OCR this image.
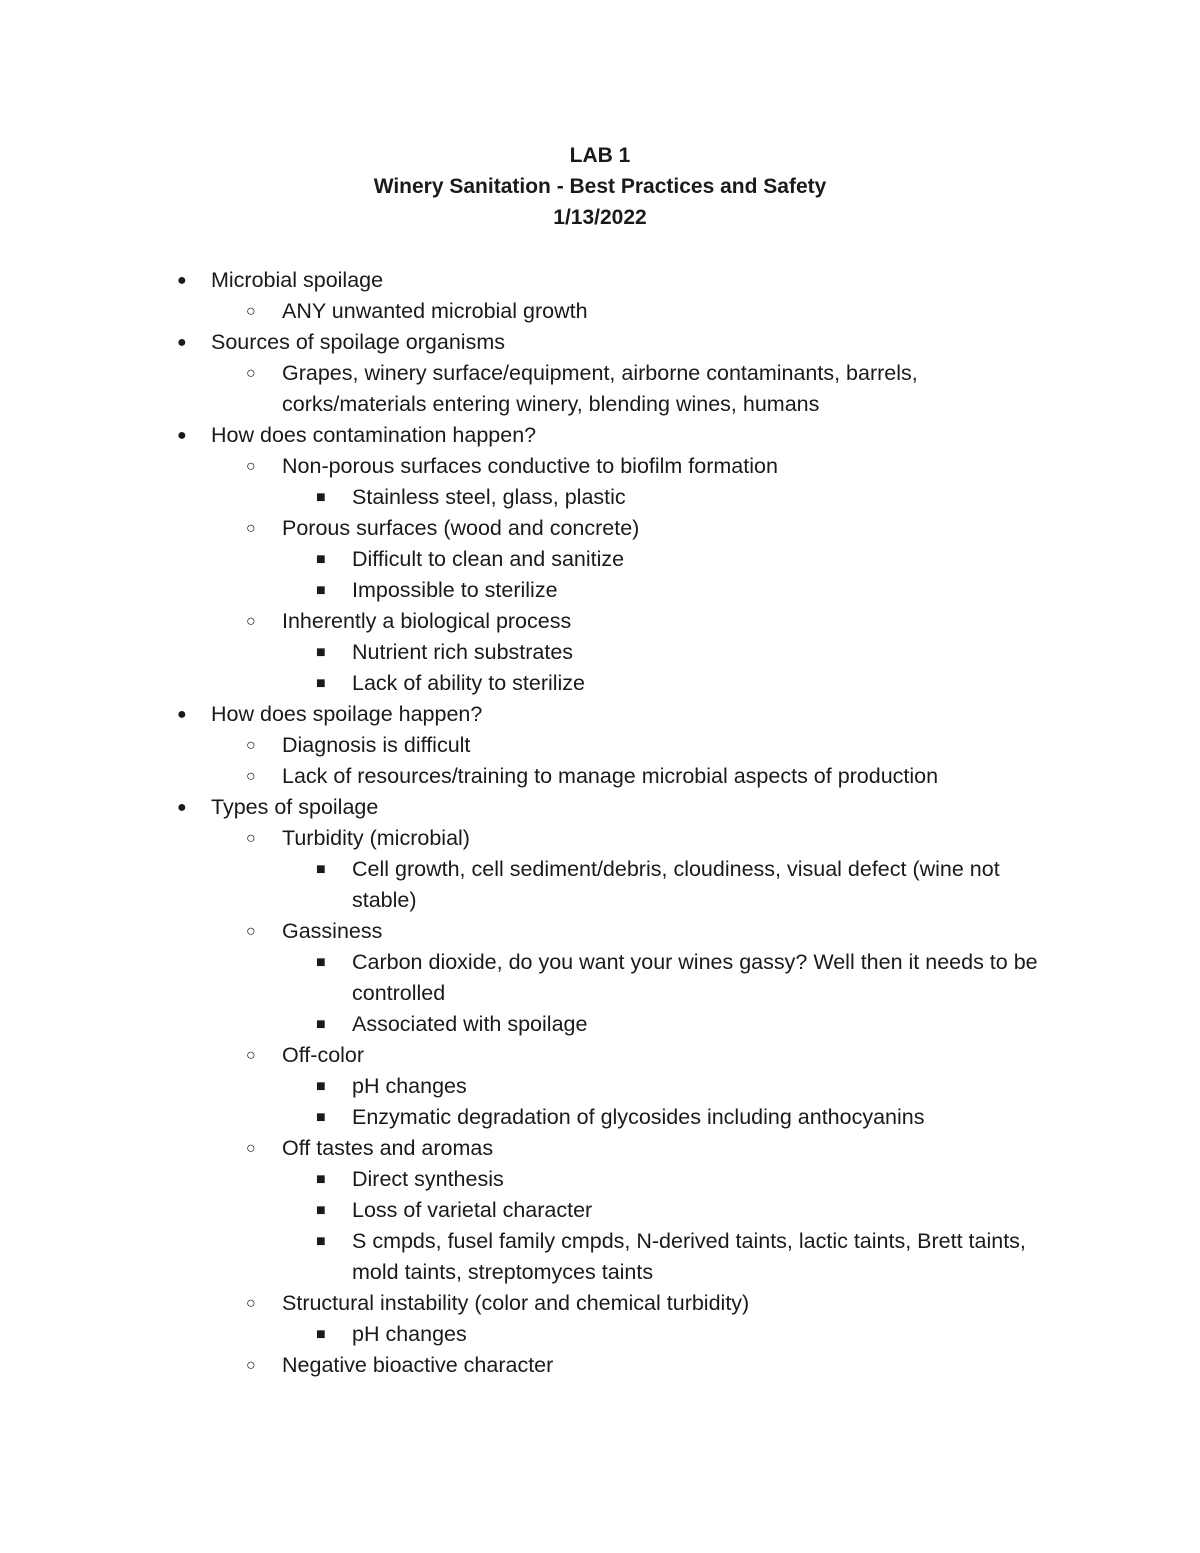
LAB 1
Winery Sanitation - Best Practices and Safety
1/13/2022
● Microbial spoilage
○ ANY unwanted microbial growth
● Sources of spoilage organisms
○ Grapes, winery surface/equipment, airborne contaminants, barrels, corks/materials entering winery, blending wines, humans
● How does contamination happen?
○ Non-porous surfaces conductive to biofilm formation
■ Stainless steel, glass, plastic
○ Porous surfaces (wood and concrete)
■ Difficult to clean and sanitize
■ Impossible to sterilize
○ Inherently a biological process
■ Nutrient rich substrates
■ Lack of ability to sterilize
● How does spoilage happen?
○ Diagnosis is difficult
○ Lack of resources/training to manage microbial aspects of production
● Types of spoilage
○ Turbidity (microbial)
■ Cell growth, cell sediment/debris, cloudiness, visual defect (wine not stable)
○ Gassiness
■ Carbon dioxide, do you want your wines gassy? Well then it needs to be controlled
■ Associated with spoilage
○ Off-color
■ pH changes
■ Enzymatic degradation of glycosides including anthocyanins
○ Off tastes and aromas
■ Direct synthesis
■ Loss of varietal character
■ S cmpds, fusel family cmpds, N-derived taints, lactic taints, Brett taints, mold taints, streptomyces taints
○ Structural instability (color and chemical turbidity)
■ pH changes
○ Negative bioactive character
